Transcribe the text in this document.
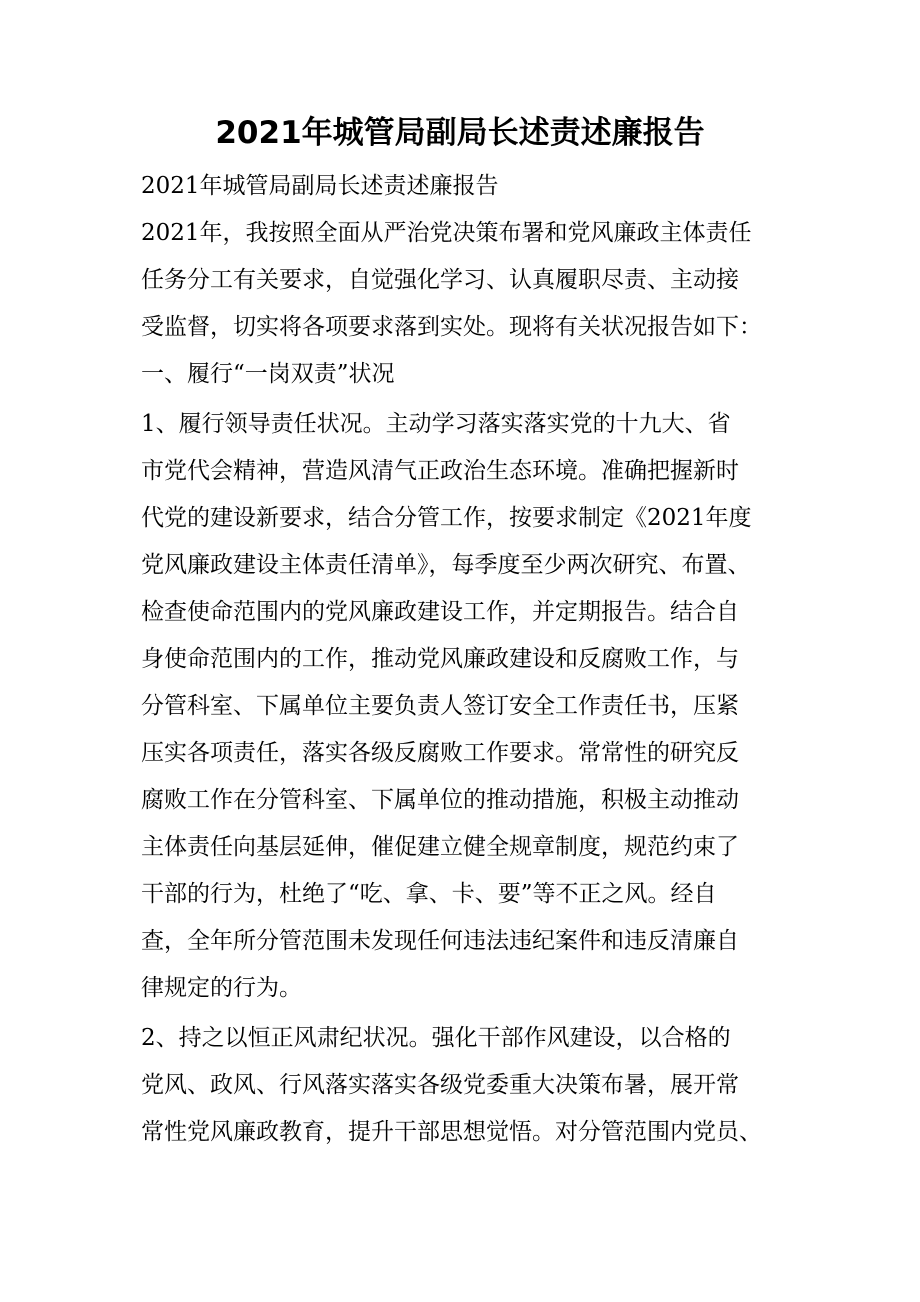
2021年城管局副局长述责述廉报告

2021年城管局副局长述责述廉报告

2021年，我按照全面从严治党决策布署和党风廉政主体责任

任务分工有关要求，自觉强化学习、认真履职尽责、主动接

受监督，切实将各项要求落到实处。现将有关状况报告如下：

一、履行“一岗双责”状况

1、履行领导责任状况。主动学习落实落实党的十九大、省

市党代会精神，营造风清气正政治生态环境。准确把握新时

代党的建设新要求，结合分管工作，按要求制定《2021年度

党风廉政建设主体责任清单》，每季度至少两次研究、布置、

检查使命范围内的党风廉政建设工作，并定期报告。结合自

身使命范围内的工作，推动党风廉政建设和反腐败工作，与

分管科室、下属单位主要负责人签订安全工作责任书，压紧

压实各项责任，落实各级反腐败工作要求。常常性的研究反

腐败工作在分管科室、下属单位的推动措施，积极主动推动

主体责任向基层延伸，催促建立健全规章制度，规范约束了

干部的行为，杜绝了“吃、拿、卡、要”等不正之风。经自

查，全年所分管范围未发现任何违法违纪案件和违反清廉自

律规定的行为。

2、持之以恒正风肃纪状况。强化干部作风建设，以合格的

党风、政风、行风落实落实各级党委重大决策布暑，展开常

常性党风廉政教育，提升干部思想觉悟。对分管范围内党员、
